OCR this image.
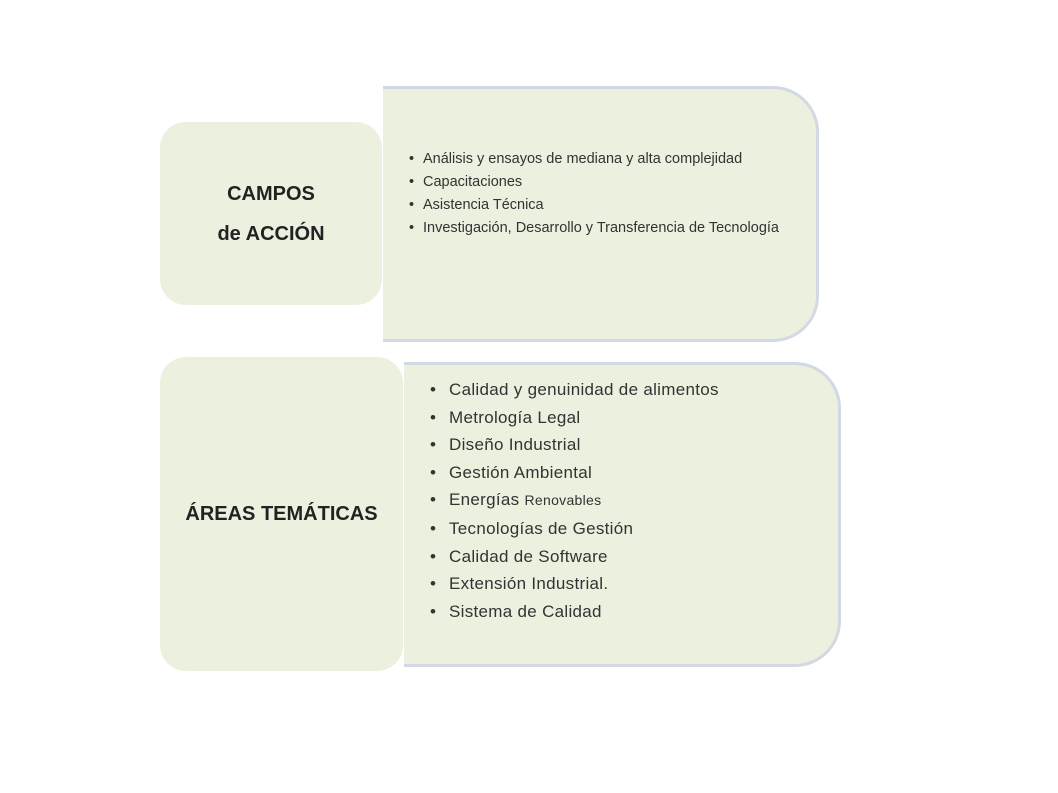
• Análisis y ensayos de mediana y alta complejidad
• Capacitaciones
• Asistencia Técnica
• Investigación, Desarrollo y Transferencia de Tecnología
CAMPOS
de ACCIÓN
• Calidad y genuinidad de alimentos
• Metrología Legal
• Diseño Industrial
• Gestión Ambiental
• Energías Renovables
• Tecnologías de Gestión
• Calidad de Software
• Extensión Industrial.
• Sistema de Calidad
ÁREAS TEMÁTICAS
